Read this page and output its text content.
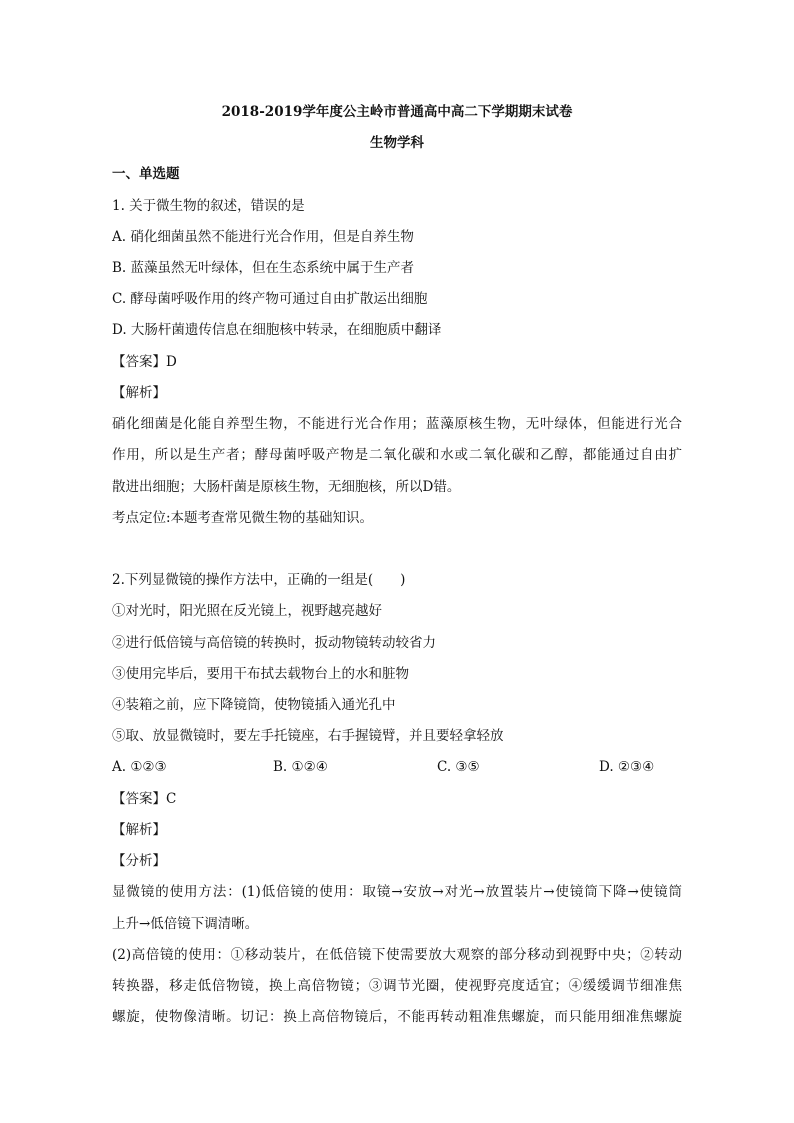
2018-2019学年度公主岭市普通高中高二下学期期末试卷
生物学科
一、单选题
1. 关于微生物的叙述，错误的是
A. 硝化细菌虽然不能进行光合作用，但是自养生物
B. 蓝藻虽然无叶绿体，但在生态系统中属于生产者
C. 酵母菌呼吸作用的终产物可通过自由扩散运出细胞
D. 大肠杆菌遗传信息在细胞核中转录，在细胞质中翻译
【答案】D
【解析】
硝化细菌是化能自养型生物，不能进行光合作用；蓝藻原核生物，无叶绿体，但能进行光合
作用，所以是生产者；酵母菌呼吸产物是二氧化碳和水或二氧化碳和乙醇，都能通过自由扩
散进出细胞；大肠杆菌是原核生物，无细胞核，所以D错。
考点定位:本题考查常见微生物的基础知识。
2.下列显微镜的操作方法中，正确的一组是(　　)
①对光时，阳光照在反光镜上，视野越亮越好
②进行低倍镜与高倍镜的转换时，扳动物镜转动较省力
③使用完毕后，要用干布拭去载物台上的水和脏物
④装箱之前，应下降镜筒，使物镜插入通光孔中
⑤取、放显微镜时，要左手托镜座，右手握镜臂，并且要轻拿轻放
A. ①②③	B. ①②④	C. ③⑤	D. ②③④
【答案】C
【解析】
【分析】
显微镜的使用方法：(1)低倍镜的使用：取镜→安放→对光→放置装片→使镜筒下降→使镜筒
上升→低倍镜下调清晰。
(2)高倍镜的使用：①移动装片，在低倍镜下使需要放大观察的部分移动到视野中央；②转动
转换器，移走低倍物镜，换上高倍物镜；③调节光圈，使视野亮度适宜；④缓缓调节细准焦
螺旋，使物像清晰。切记：换上高倍物镜后，不能再转动粗准焦螺旋，而只能用细准焦螺旋
